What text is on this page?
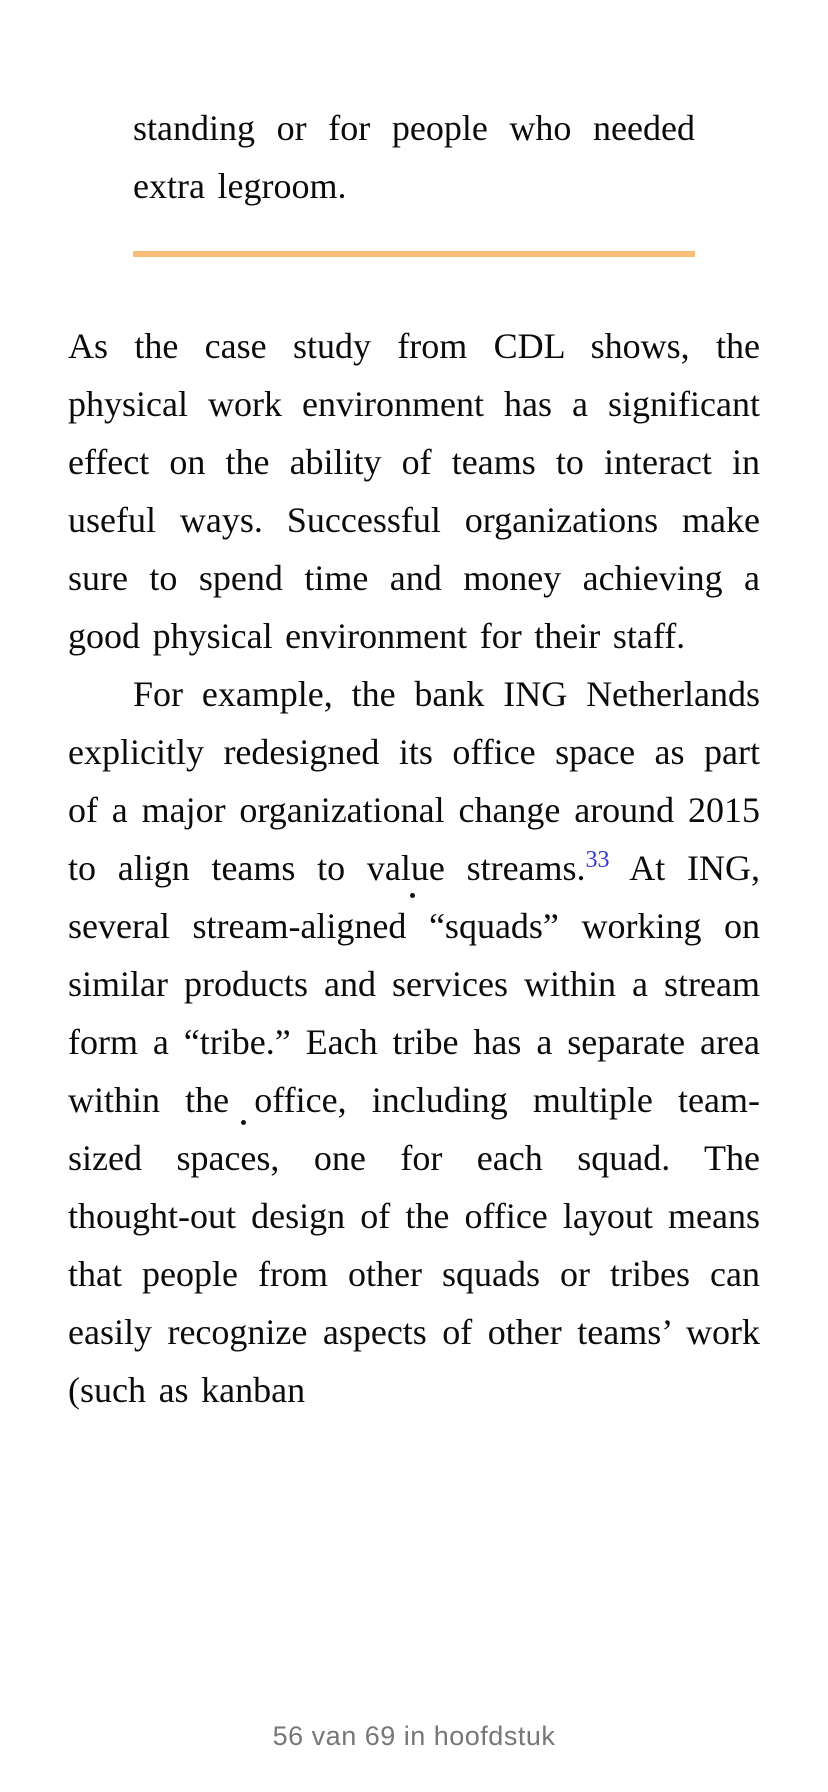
standing or for people who needed extra legroom.

As the case study from CDL shows, the physical work environment has a significant effect on the ability of teams to interact in useful ways. Successful organizations make sure to spend time and money achieving a good physical environment for their staff.

For example, the bank ING Netherlands explicitly redesigned its office space as part of a major organizational change around 2015 to align teams to value streams.$^{33}$ At ING, several stream-aligned “squads” working on similar products and services within a stream form a “tribe.” Each tribe has a separate area within the office, including multiple team-sized spaces, one for each squad. The thought-out design of the office layout means that people from other squads or tribes can easily recognize aspects of other teams’ work (such as kanban

56 van 69 in hoofdstuk
